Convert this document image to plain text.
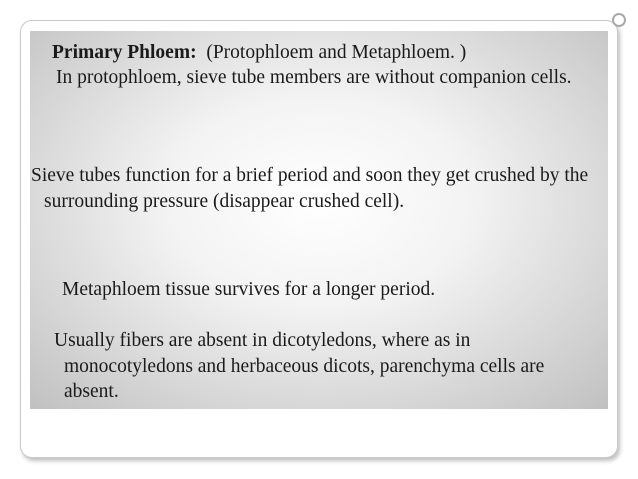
Primary Phloem: (Protophloem and Metaphloem. )

In protophloem, sieve tube members are without companion cells.

Sieve tubes function for a brief period and soon they get crushed by the surrounding pressure (disappear crushed cell).

Metaphloem tissue survives for a longer period.

Usually fibers are absent in dicotyledons, where as in monocotyledons and herbaceous dicots, parenchyma cells are absent.
